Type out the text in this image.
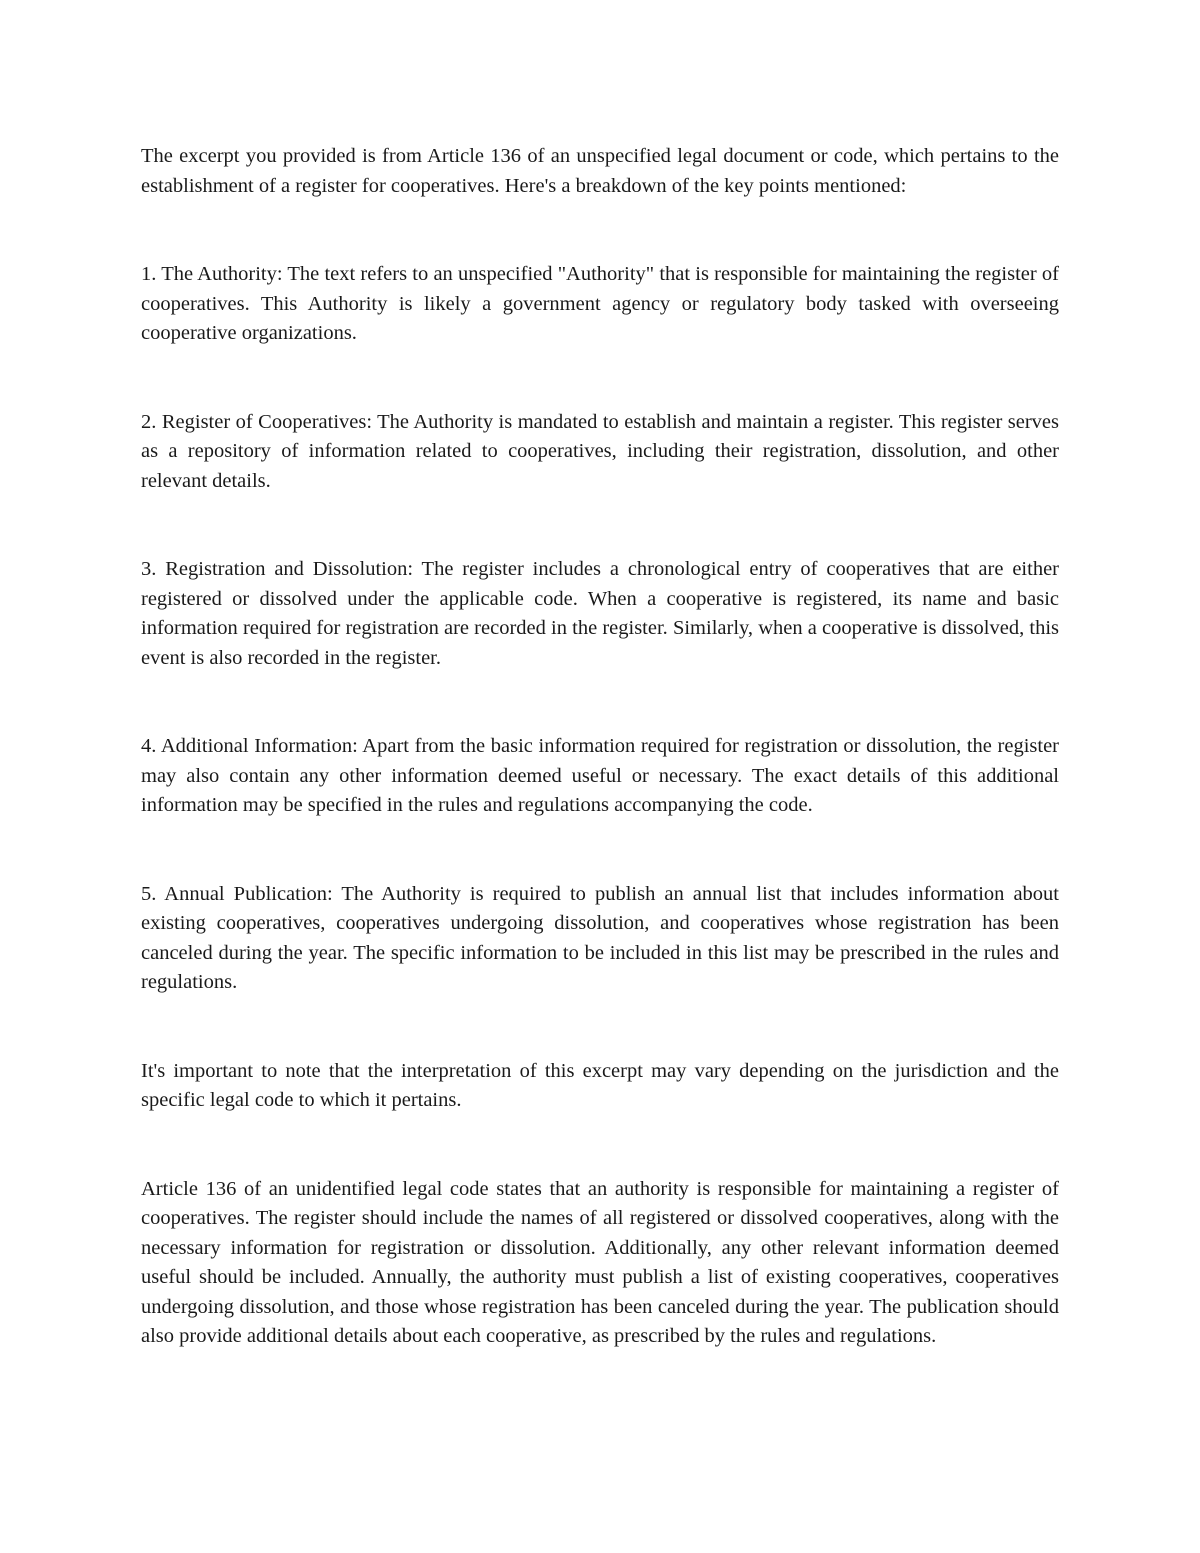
The excerpt you provided is from Article 136 of an unspecified legal document or code, which pertains to the establishment of a register for cooperatives. Here's a breakdown of the key points mentioned:

1. The Authority: The text refers to an unspecified "Authority" that is responsible for maintaining the register of cooperatives. This Authority is likely a government agency or regulatory body tasked with overseeing cooperative organizations.

2. Register of Cooperatives: The Authority is mandated to establish and maintain a register. This register serves as a repository of information related to cooperatives, including their registration, dissolution, and other relevant details.

3. Registration and Dissolution: The register includes a chronological entry of cooperatives that are either registered or dissolved under the applicable code. When a cooperative is registered, its name and basic information required for registration are recorded in the register. Similarly, when a cooperative is dissolved, this event is also recorded in the register.

4. Additional Information: Apart from the basic information required for registration or dissolution, the register may also contain any other information deemed useful or necessary. The exact details of this additional information may be specified in the rules and regulations accompanying the code.

5. Annual Publication: The Authority is required to publish an annual list that includes information about existing cooperatives, cooperatives undergoing dissolution, and cooperatives whose registration has been canceled during the year. The specific information to be included in this list may be prescribed in the rules and regulations.

It's important to note that the interpretation of this excerpt may vary depending on the jurisdiction and the specific legal code to which it pertains.

Article 136 of an unidentified legal code states that an authority is responsible for maintaining a register of cooperatives. The register should include the names of all registered or dissolved cooperatives, along with the necessary information for registration or dissolution. Additionally, any other relevant information deemed useful should be included. Annually, the authority must publish a list of existing cooperatives, cooperatives undergoing dissolution, and those whose registration has been canceled during the year. The publication should also provide additional details about each cooperative, as prescribed by the rules and regulations.
